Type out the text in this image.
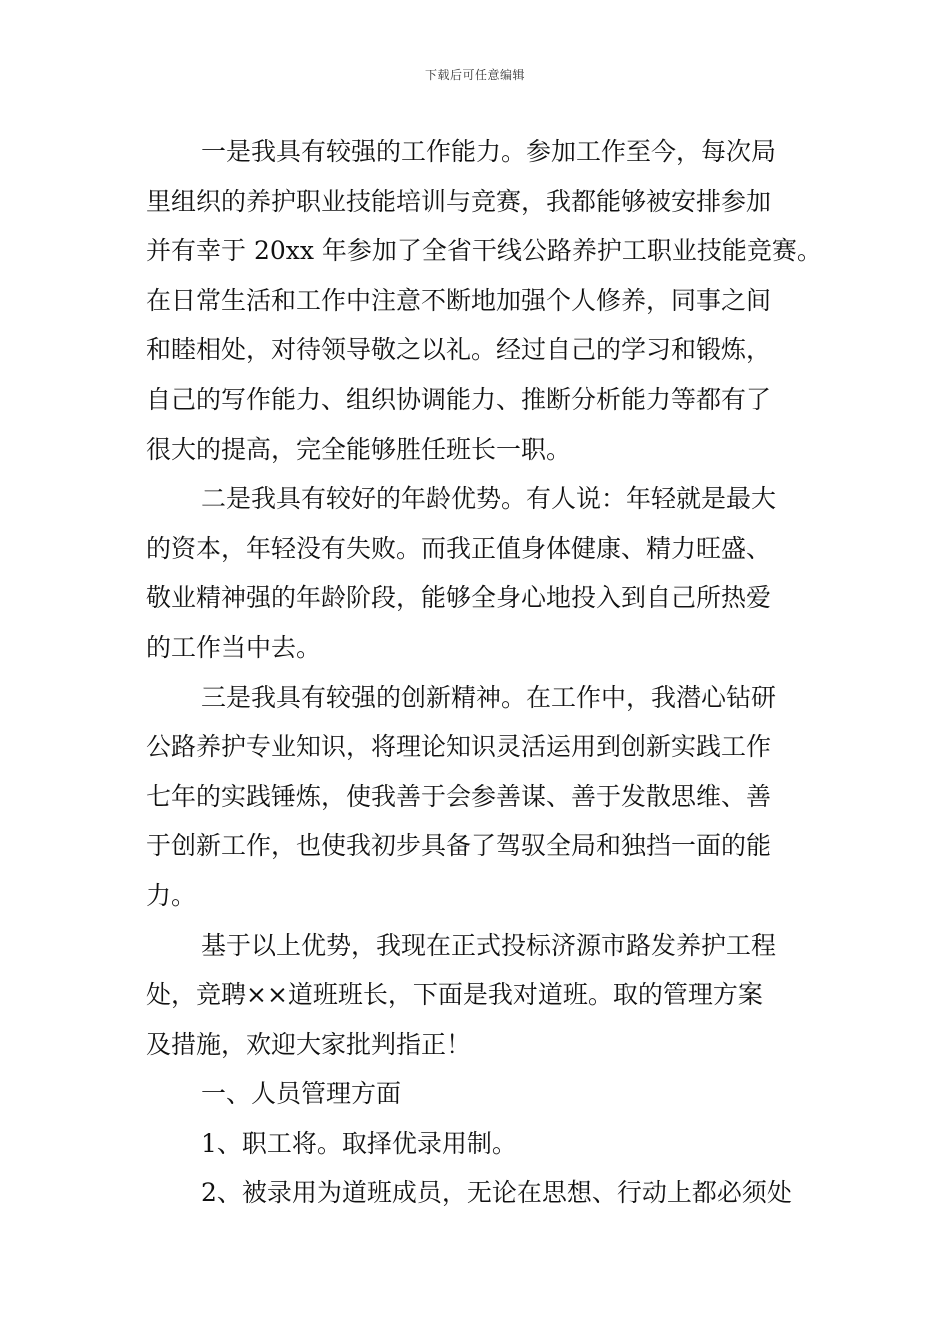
下载后可任意编辑
一是我具有较强的工作能力。参加工作至今，每次局
里组织的养护职业技能培训与竞赛，我都能够被安排参加
并有幸于 20xx 年参加了全省干线公路养护工职业技能竞赛。
在日常生活和工作中注意不断地加强个人修养，同事之间
和睦相处，对待领导敬之以礼。经过自己的学习和锻炼，
自己的写作能力、组织协调能力、推断分析能力等都有了
很大的提高，完全能够胜任班长一职。
二是我具有较好的年龄优势。有人说：年轻就是最大
的资本，年轻没有失败。而我正值身体健康、精力旺盛、
敬业精神强的年龄阶段，能够全身心地投入到自己所热爱
的工作当中去。
三是我具有较强的创新精神。在工作中，我潜心钻研
公路养护专业知识，将理论知识灵活运用到创新实践工作
七年的实践锤炼，使我善于会参善谋、善于发散思维、善
于创新工作，也使我初步具备了驾驭全局和独挡一面的能
力。
基于以上优势，我现在正式投标济源市路发养护工程
处，竞聘××道班班长，下面是我对道班。取的管理方案
及措施，欢迎大家批判指正！
一、人员管理方面
1、职工将。取择优录用制。
2、被录用为道班成员，无论在思想、行动上都必须处
